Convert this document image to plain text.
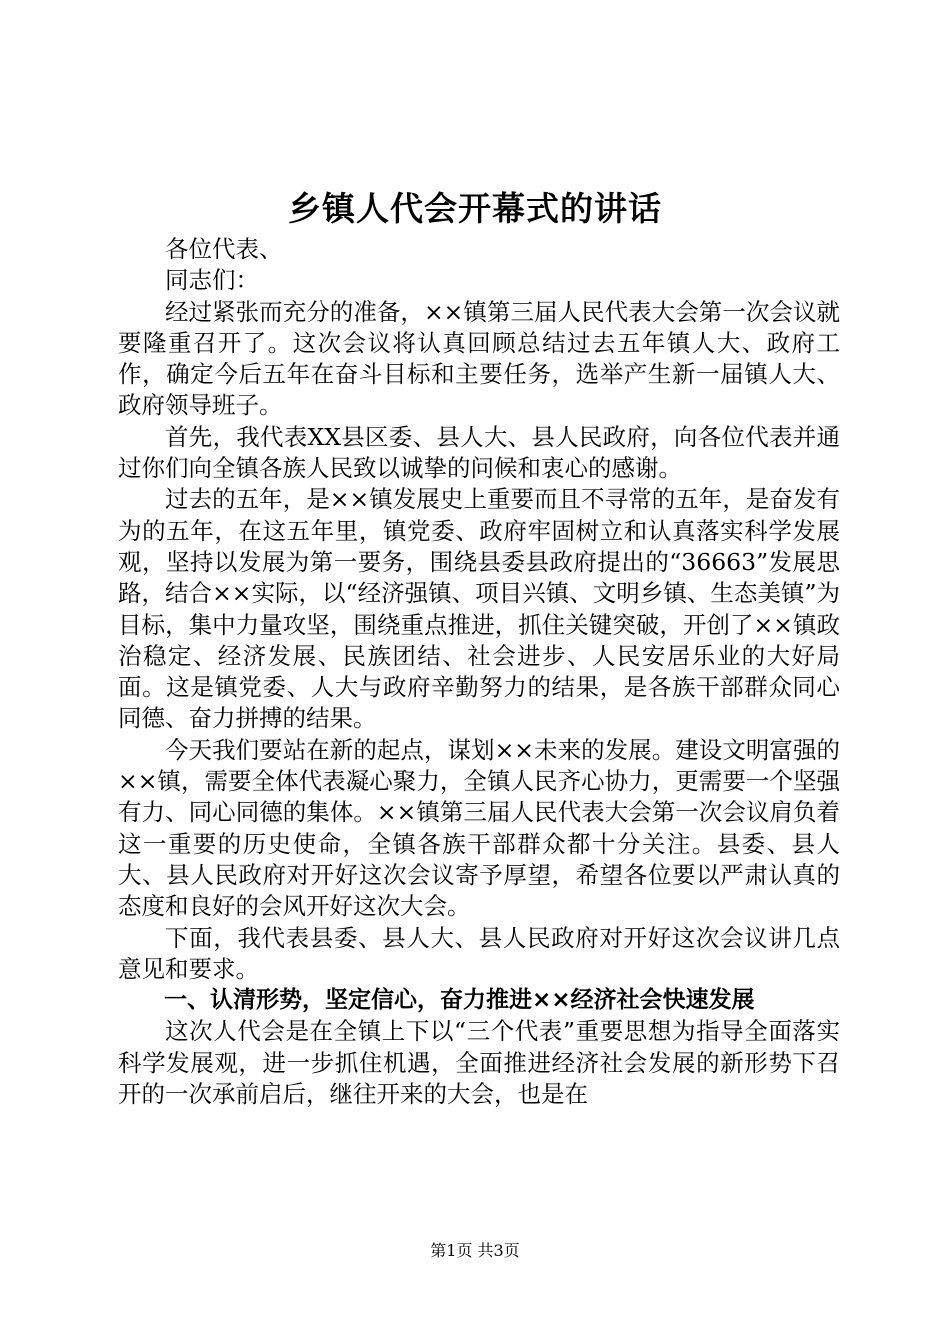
乡镇人代会开幕式的讲话

各位代表、

同志们：

经过紧张而充分的准备，××镇第三届人民代表大会第一次会议就要隆重召开了。这次会议将认真回顾总结过去五年镇人大、政府工作，确定今后五年在奋斗目标和主要任务，选举产生新一届镇人大、政府领导班子。

首先，我代表XX县区委、县人大、县人民政府，向各位代表并通过你们向全镇各族人民致以诚挚的问候和衷心的感谢。

过去的五年，是××镇发展史上重要而且不寻常的五年，是奋发有为的五年，在这五年里，镇党委、政府牢固树立和认真落实科学发展观，坚持以发展为第一要务，围绕县委县政府提出的“36663”发展思路，结合××实际，以“经济强镇、项目兴镇、文明乡镇、生态美镇”为目标，集中力量攻坚，围绕重点推进，抓住关键突破，开创了××镇政治稳定、经济发展、民族团结、社会进步、人民安居乐业的大好局面。这是镇党委、人大与政府辛勤努力的结果，是各族干部群众同心同德、奋力拼搏的结果。

今天我们要站在新的起点，谋划××未来的发展。建设文明富强的××镇，需要全体代表凝心聚力，全镇人民齐心协力，更需要一个坚强有力、同心同德的集体。××镇第三届人民代表大会第一次会议肩负着这一重要的历史使命，全镇各族干部群众都十分关注。县委、县人大、县人民政府对开好这次会议寄予厚望，希望各位要以严肃认真的态度和良好的会风开好这次大会。

下面，我代表县委、县人大、县人民政府对开好这次会议讲几点意见和要求。

一、认清形势，坚定信心，奋力推进××经济社会快速发展

这次人代会是在全镇上下以“三个代表”重要思想为指导全面落实科学发展观，进一步抓住机遇，全面推进经济社会发展的新形势下召开的一次承前启后，继往开来的大会，也是在

第1页 共3页
